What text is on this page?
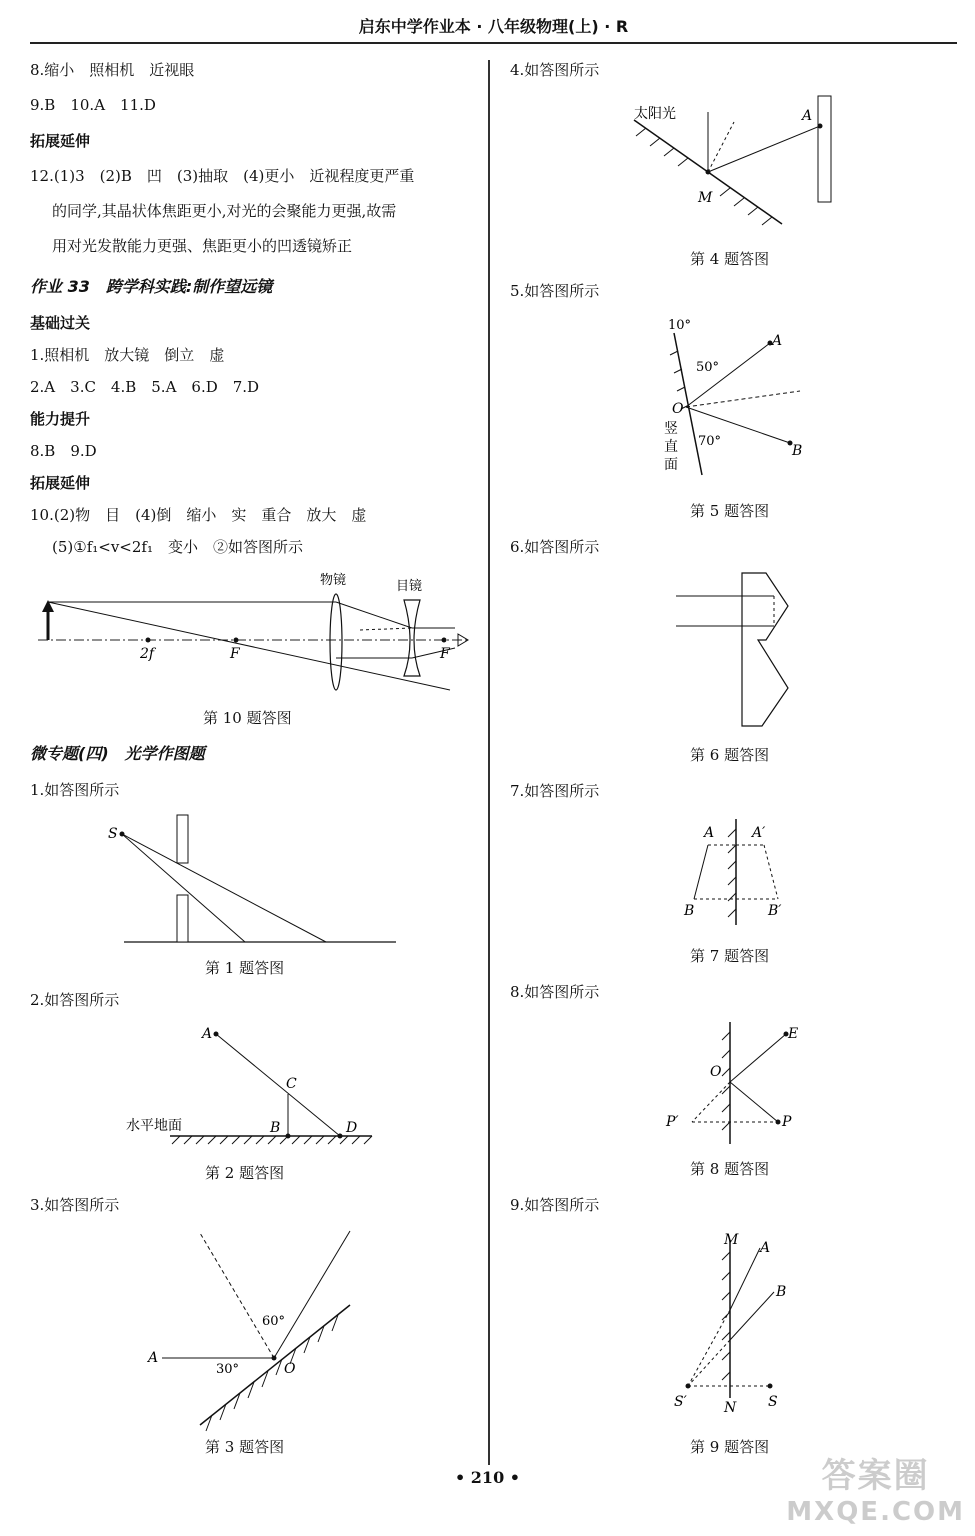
启东中学作业本 · 八年级物理(上) · R
8.缩小　照相机　近视眼
9.B　10.A　11.D
拓展延伸
12.(1)3　(2)B　凹　(3)抽取　(4)更小　近视程度更严重
的同学,其晶状体焦距更小,对光的会聚能力更强,故需
用对光发散能力更强、焦距更小的凹透镜矫正
作业 33　跨学科实践:制作望远镜
基础过关
1.照相机　放大镜　倒立　虚
2.A　3.C　4.B　5.A　6.D　7.D
能力提升
8.B　9.D
拓展延伸
10.(2)物　目　(4)倒　缩小　实　重合　放大　虚
(5)①f₁<v<2f₁　变小　②如答图所示
2f	F	F
物镜	目镜
第 10 题答图
微专题(四)　光学作图题
1.如答图所示
S
第 1 题答图
2.如答图所示
A
C
B	D
水平地面
第 2 题答图
3.如答图所示
A
O
30°
60°
第 3 题答图
4.如答图所示
太阳光	A
M
第 4 题答图
5.如答图所示
10°
50°
70°
A
B
O
竖
直
面
第 5 题答图
6.如答图所示
第 6 题答图
7.如答图所示
A	A′
B	B′
第 7 题答图
8.如答图所示
E
O
P
P′
第 8 题答图
9.如答图所示
M A
B
N S
S′
第 9 题答图
• 210 •	答案圈
MXQE.COM
